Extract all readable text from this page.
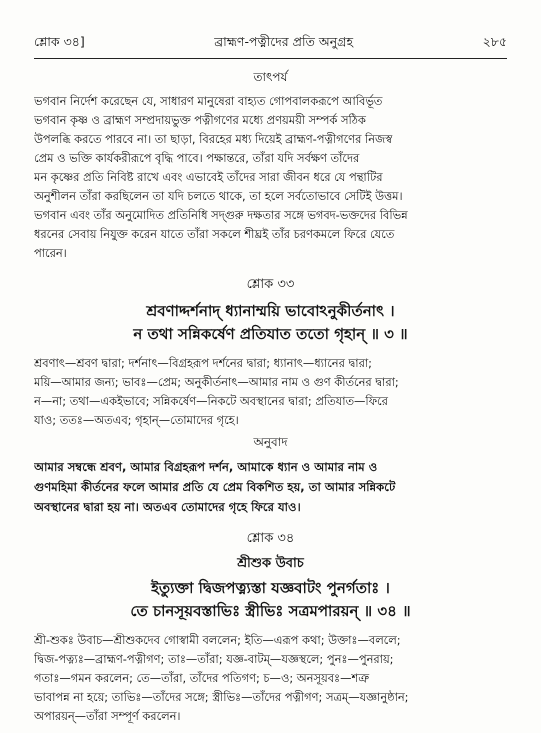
শ্লোক ৩৪]	ব্রাহ্মণ-পত্নীদের প্রতি অনুগ্রহ	২৮৫
তাৎপর্য

ভগবান নির্দেশ করেছেন যে, সাধারণ মানুষেরা বাহ্যত গোপবালকরূপে আবির্ভূত
ভগবান কৃষ্ণ ও ব্রাহ্মণ সম্প্রদায়ভুক্ত পত্নীগণের মধ্যে প্রণয়ময়ী সম্পর্ক সঠিক
উপলব্ধি করতে পারবে না। তা ছাড়া, বিরহের মধ্য দিয়েই ব্রাহ্মণ-পত্নীগণের নিজস্ব
প্রেম ও ভক্তি কার্যকরীরূপে বৃদ্ধি পাবে। পক্ষান্তরে, তাঁরা যদি সর্বক্ষণ তাঁদের
মন কৃষ্ণের প্রতি নিবিষ্ট রাখে এবং এভাবেই তাঁদের সারা জীবন ধরে যে পন্থাটির
অনুশীলন তাঁরা করছিলেন তা যদি চলতে থাকে, তা হলে সর্বতোভাবে সেটিই উত্তম।
ভগবান এবং তাঁর অনুমোদিত প্রতিনিধি সদ্‌গুরু দক্ষতার সঙ্গে ভগবদ-ভক্তদের বিভিন্ন
ধরনের সেবায় নিযুক্ত করেন যাতে তাঁরা সকলে শীঘ্রই তাঁর চরণকমলে ফিরে যেতে
পারেন।

শ্লোক ৩৩

শ্রবণাদ্দর্শনাদ্ ধ্যানাম্ময়ি ভাবোঽনুকীর্তনাৎ ।
ন তথা সন্নিকর্ষেণ প্রতিযাত ততো গৃহান্ ॥ ৩ ॥

শ্রবণাৎ—শ্রবণ দ্বারা; দর্শনাৎ—বিগ্রহরূপ দর্শনের দ্বারা; ধ্যানাৎ—ধ্যানের দ্বারা;
ময়ি—আমার জন্য; ভাবঃ—প্রেম; অনুকীর্তনাৎ—আমার নাম ও গুণ কীর্তনের দ্বারা;
ন—না; তথা—একইভাবে; সন্নিকর্ষেণ—নিকটে অবস্থানের দ্বারা; প্রতিযাত—ফিরে
যাও; ততঃ—অতএব; গৃহান্—তোমাদের গৃহে।

অনুবাদ

আমার সম্বন্ধে শ্রবণ, আমার বিগ্রহরূপ দর্শন, আমাকে ধ্যান ও আমার নাম ও
গুণমহিমা কীর্তনের ফলে আমার প্রতি যে প্রেম বিকশিত হয়, তা আমার সন্নিকটে
অবস্থানের দ্বারা হয় না। অতএব তোমাদের গৃহে ফিরে যাও।

শ্লোক ৩৪
শ্রীশুক উবাচ

ইত্যুক্তা দ্বিজপত্ন্যস্তা যজ্ঞবাটং পুনর্গতাঃ ।
তে চানসূয়বস্তাভিঃ স্ত্রীভিঃ সত্রমপারয়ন্ ॥ ৩৪ ॥

শ্রী-শুকঃ উবাচ—শ্রীশুকদেব গোস্বামী বললেন; ইতি—এরূপ কথা; উক্তাঃ—বললে;
দ্বিজ-পত্ন্যঃ—ব্রাহ্মণ-পত্নীগণ; তাঃ—তাঁরা; যজ্ঞ-বাটম্—যজ্ঞস্থলে; পুনঃ—পুনরায়;
গতাঃ—গমন করলেন; তে—তাঁরা, তাঁদের পতিগণ; চ—ও; অনসূয়বঃ—শত্রু
ভাবাপন্ন না হয়ে; তাভিঃ—তাঁদের সঙ্গে; স্ত্রীভিঃ—তাঁদের পত্নীগণ; সত্রম্—যজ্ঞানুষ্ঠান;
অপারয়ন্—তাঁরা সম্পূর্ণ করলেন।
